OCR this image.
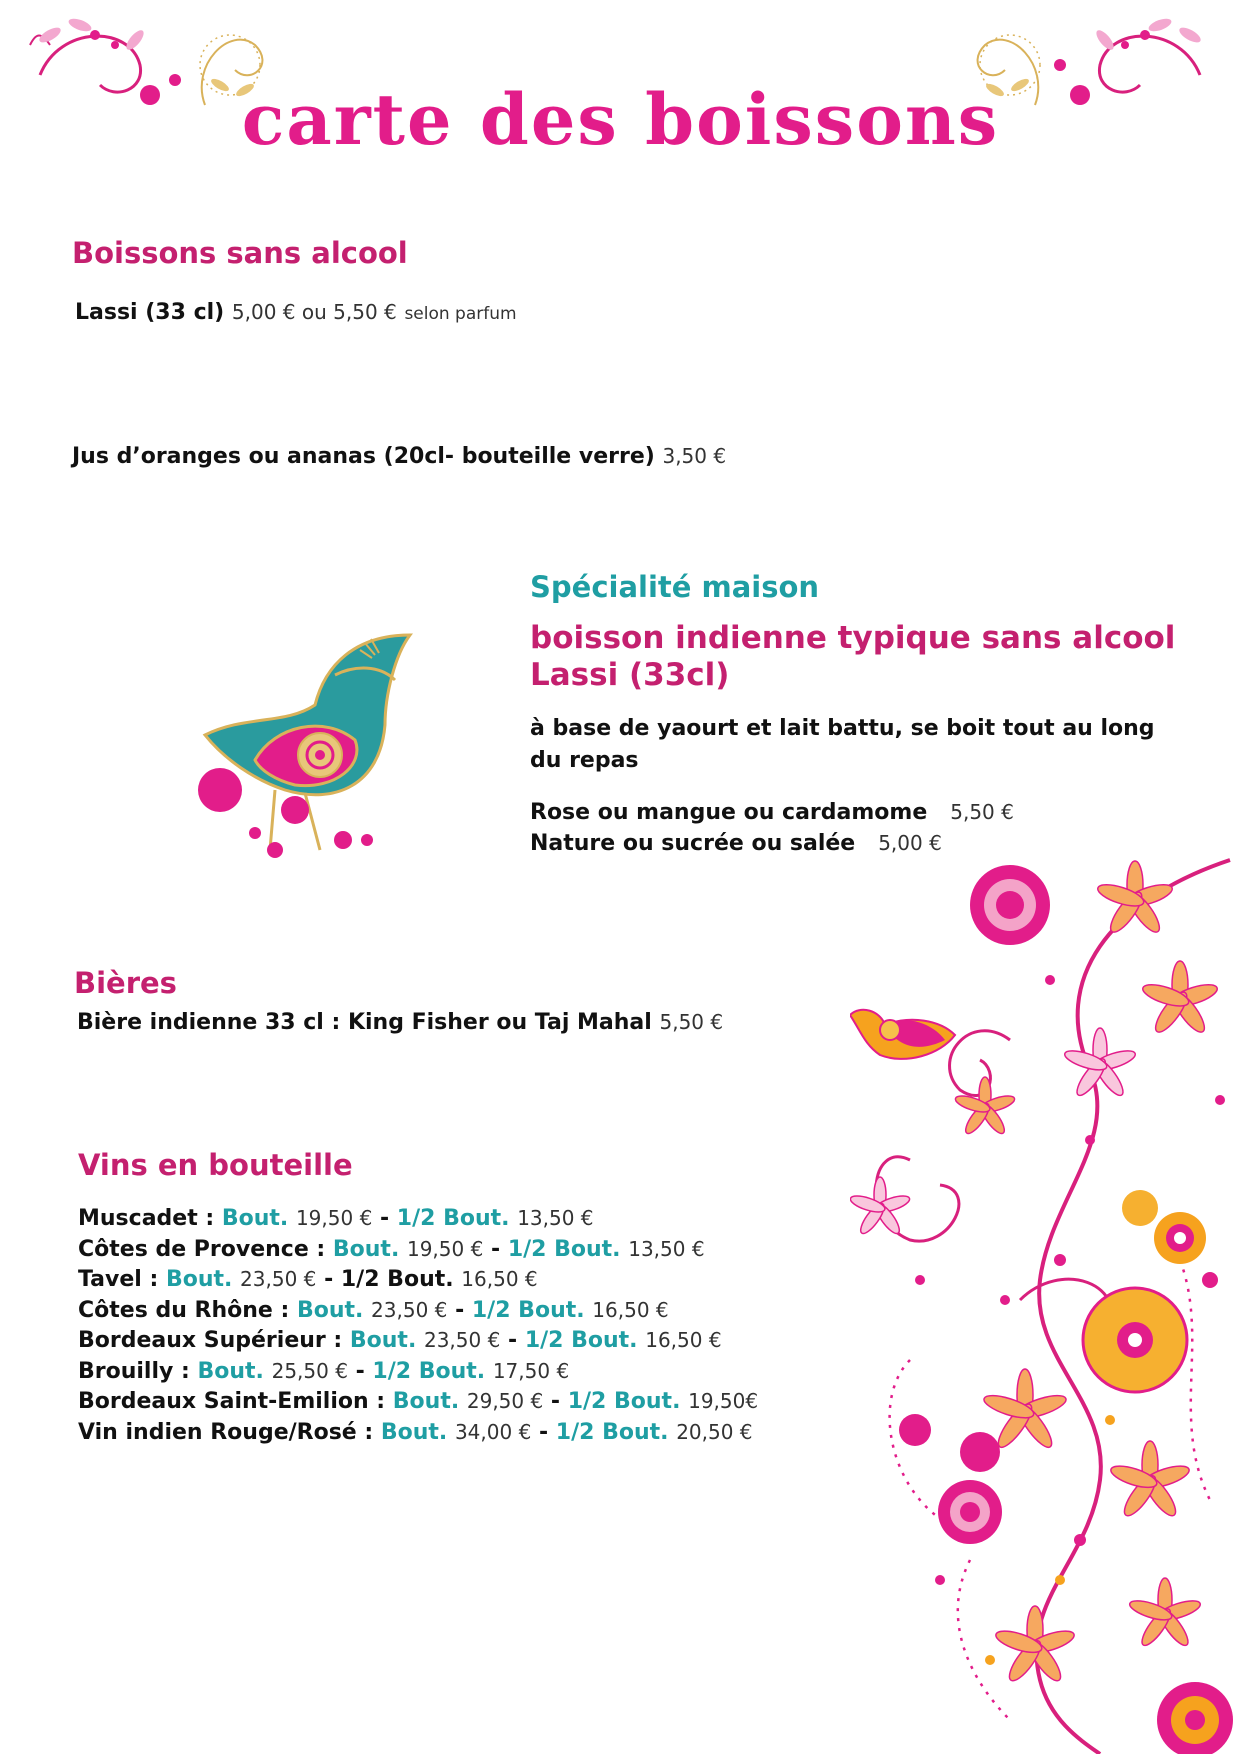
carte des boissons
Boissons sans alcool
Lassi (33 cl) 5,00 € ou 5,50 € selon parfum
Jus d’oranges ou ananas (20cl- bouteille verre) 3,50 €
Spécialité maison
boisson indienne typique sans alcool
Lassi (33cl)
à base de yaourt et lait battu, se boit tout au long
du repas
Rose ou mangue ou cardamome 5,50 €
Nature ou sucrée ou salée 5,00 €
Bières
Bière indienne 33 cl : King Fisher ou Taj Mahal 5,50 €
Vins en bouteille
Muscadet : Bout. 19,50 € - 1/2 Bout. 13,50 €
Côtes de Provence : Bout. 19,50 € - 1/2 Bout. 13,50 €
Tavel : Bout. 23,50 € - 1/2 Bout. 16,50 €
Côtes du Rhône : Bout. 23,50 € - 1/2 Bout. 16,50 €
Bordeaux Supérieur : Bout. 23,50 € - 1/2 Bout. 16,50 €
Brouilly : Bout. 25,50 € - 1/2 Bout. 17,50 €
Bordeaux Saint-Emilion : Bout. 29,50 € - 1/2 Bout. 19,50€
Vin indien Rouge/Rosé : Bout. 34,00 € - 1/2 Bout. 20,50 €
